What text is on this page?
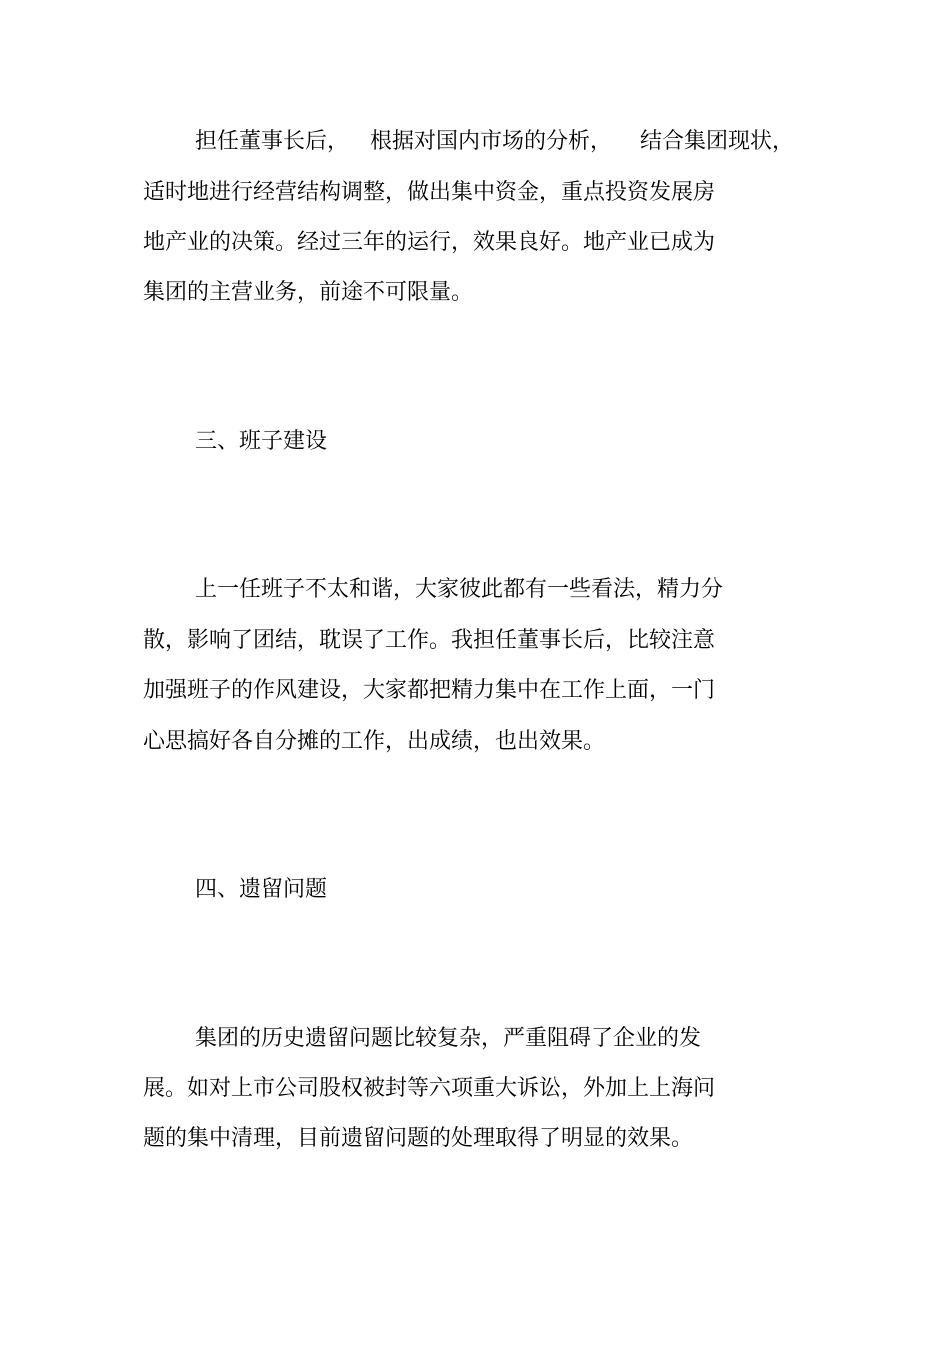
担任董事长后，   根据对国内市场的分析，    结合集团现状，
适时地进行经营结构调整，做出集中资金，重点投资发展房
地产业的决策。经过三年的运行，效果良好。地产业已成为
集团的主营业务，前途不可限量。
三、班子建设
上一任班子不太和谐，大家彼此都有一些看法，精力分
散，影响了团结，耽误了工作。我担任董事长后，比较注意
加强班子的作风建设，大家都把精力集中在工作上面，一门
心思搞好各自分摊的工作，出成绩，也出效果。
四、遗留问题
集团的历史遗留问题比较复杂，严重阻碍了企业的发
展。如对上市公司股权被封等六项重大诉讼，外加上上海问
题的集中清理，目前遗留问题的处理取得了明显的效果。
